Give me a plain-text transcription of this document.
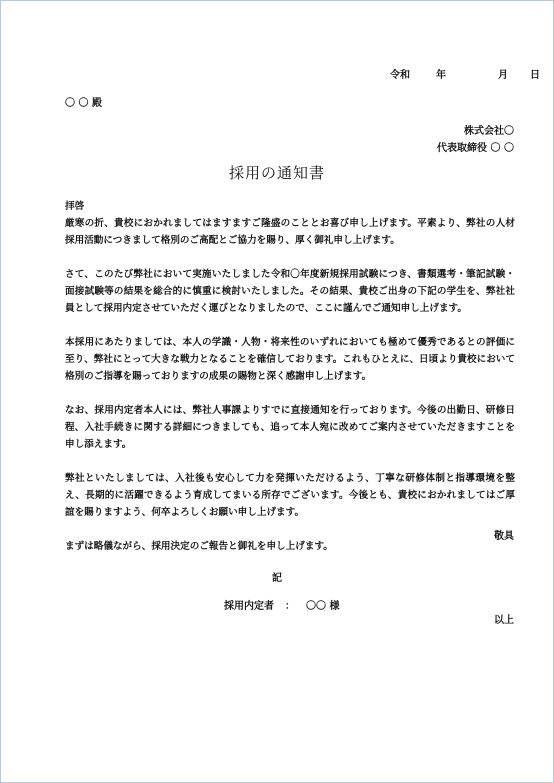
令和	年	月 日
〇 〇 殿
株式会社〇
代表取締役 〇 〇
採用の通知書

拝啓

厳寒の折、貴校におかれましてはますますご隆盛のこととお喜び申し上げます。平素より、弊社の人材採用活動につきまして格別のご高配とご協力を賜り、厚く御礼申し上げます。

さて、このたび弊社において実施いたしました令和〇年度新規採用試験につき、書類選考・筆記試験・面接試験等の結果を総合的に慎重に検討いたしました。その結果、貴校ご出身の下記の学生を、弊社社員として採用内定させていただく運びとなりましたので、ここに謹んでご通知申し上げます。

本採用にあたりましては、本人の学識・人物・将来性のいずれにおいても極めて優秀であるとの評価に至り、弊社にとって大きな戦力となることを確信しております。これもひとえに、日頃より貴校において格別のご指導を賜っておりますの成果の賜物と深く感謝申し上げます。

なお、採用内定者本人には、弊社人事課よりすでに直接通知を行っております。今後の出勤日、研修日程、入社手続きに関する詳細につきましても、追って本人宛に改めてご案内させていただきますことを申し添えます。

弊社といたしましては、入社後も安心して力を発揮いただけるよう、丁寧な研修体制と指導環境を整え、長期的に活躍できるよう育成してまいる所存でございます。今後とも、貴校におかれましてはご厚誼を賜りますよう、何卒よろしくお願い申し上げます。

まずは略儀ながら、採用決定のご報告と御礼を申し上げます。

敬具
記
採用内定者 ： 〇〇 様
以上
